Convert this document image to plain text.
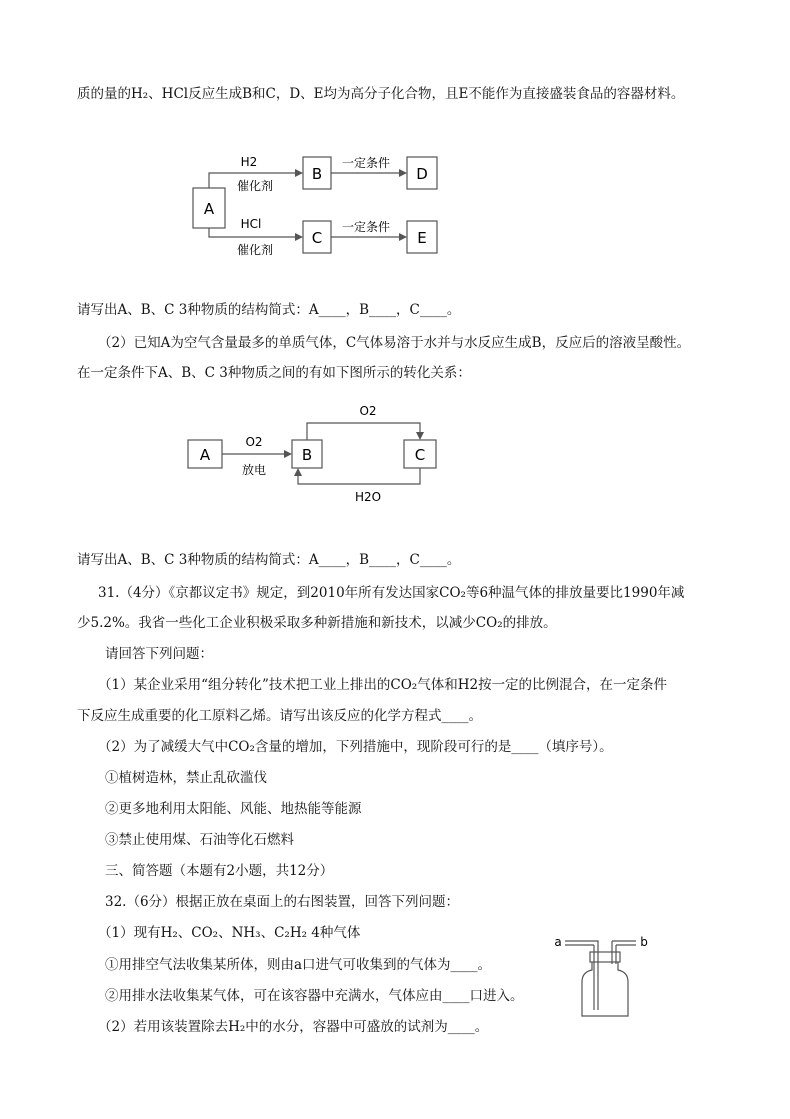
质的量的H₂、HCl反应生成B和C，D、E均为高分子化合物，且E不能作为直接盛装食品的容器材料。
A
H2
催化剂
HCl
催化剂
B
C
一定条件
一定条件
D
E
请写出A、B、C 3种物质的结构简式：A____，B____，C____。
（2）已知A为空气含量最多的单质气体，C气体易溶于水并与水反应生成B，反应后的溶液呈酸性。
在一定条件下A、B、C 3种物质之间的有如下图所示的转化关系：
A
O2
放电
B
O2
C
H2O
请写出A、B、C 3种物质的结构简式：A____，B____，C____。
31.（4分）《京都议定书》规定，到2010年所有发达国家CO₂等6种温气体的排放量要比1990年减
少5.2%。我省一些化工企业积极采取多种新措施和新技术，以减少CO₂的排放。
请回答下列问题：
（1）某企业采用“组分转化”技术把工业上排出的CO₂气体和H2按一定的比例混合，在一定条件
下反应生成重要的化工原料乙烯。请写出该反应的化学方程式____。
（2）为了减缓大气中CO₂含量的增加，下列措施中，现阶段可行的是____（填序号）。
①植树造林，禁止乱砍滥伐
②更多地利用太阳能、风能、地热能等能源
③禁止使用煤、石油等化石燃料
三、简答题（本题有2小题，共12分）
32.（6分）根据正放在桌面上的右图装置，回答下列问题：
（1）现有H₂、CO₂、NH₃、C₂H₂ 4种气体
①用排空气法收集某所体，则由a口进气可收集到的气体为____。
②用排水法收集某气体，可在该容器中充满水，气体应由____口进入。
（2）若用该装置除去H₂中的水分，容器中可盛放的试剂为____。
a	b
